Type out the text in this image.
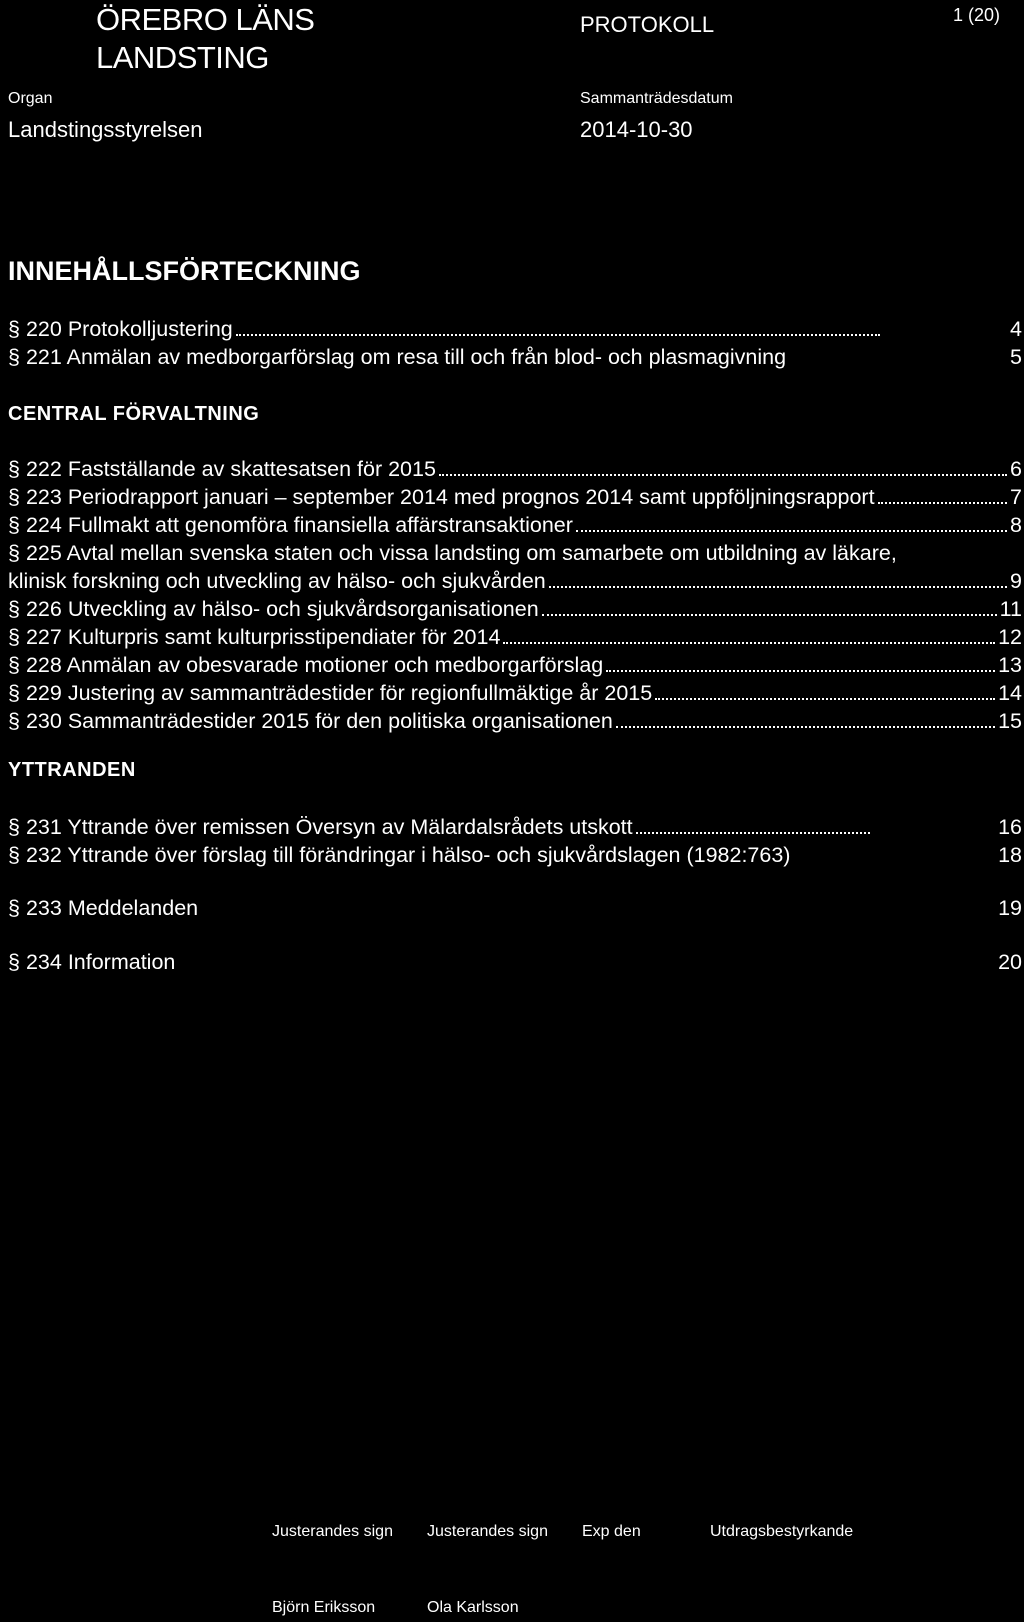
ÖREBRO LÄNS
LANDSTING
PROTOKOLL	1 (20)
Organ
Landstingsstyrelsen
Sammanträdesdatum
2014-10-30
INNEHÅLLSFÖRTECKNING
§ 220 Protokolljustering	4
§ 221 Anmälan av medborgarförslag om resa till och från blod- och plasmagivning	5
CENTRAL FÖRVALTNING
§ 222 Fastställande av skattesatsen för 2015	6
§ 223 Periodrapport januari – september 2014 med prognos 2014 samt uppföljningsrapport	7
§ 224 Fullmakt att genomföra finansiella affärstransaktioner	8
§ 225 Avtal mellan svenska staten och vissa landsting om samarbete om utbildning av läkare,
klinisk forskning och utveckling av hälso- och sjukvården	9
§ 226 Utveckling av hälso- och sjukvårdsorganisationen	11
§ 227 Kulturpris samt kulturprisstipendiater för 2014	12
§ 228 Anmälan av obesvarade motioner och medborgarförslag	13
§ 229 Justering av sammanträdestider för regionfullmäktige år 2015	14
§ 230 Sammanträdestider 2015 för den politiska organisationen	15
YTTRANDEN
§ 231 Yttrande över remissen Översyn av Mälardalsrådets utskott	16
§ 232 Yttrande över förslag till förändringar i hälso- och sjukvårdslagen (1982:763)	18
§ 233 Meddelanden	19
§ 234 Information	20
Justerandes sign Justerandes sign Exp den	Utdragsbestyrkande
Björn Eriksson	Ola Karlsson
